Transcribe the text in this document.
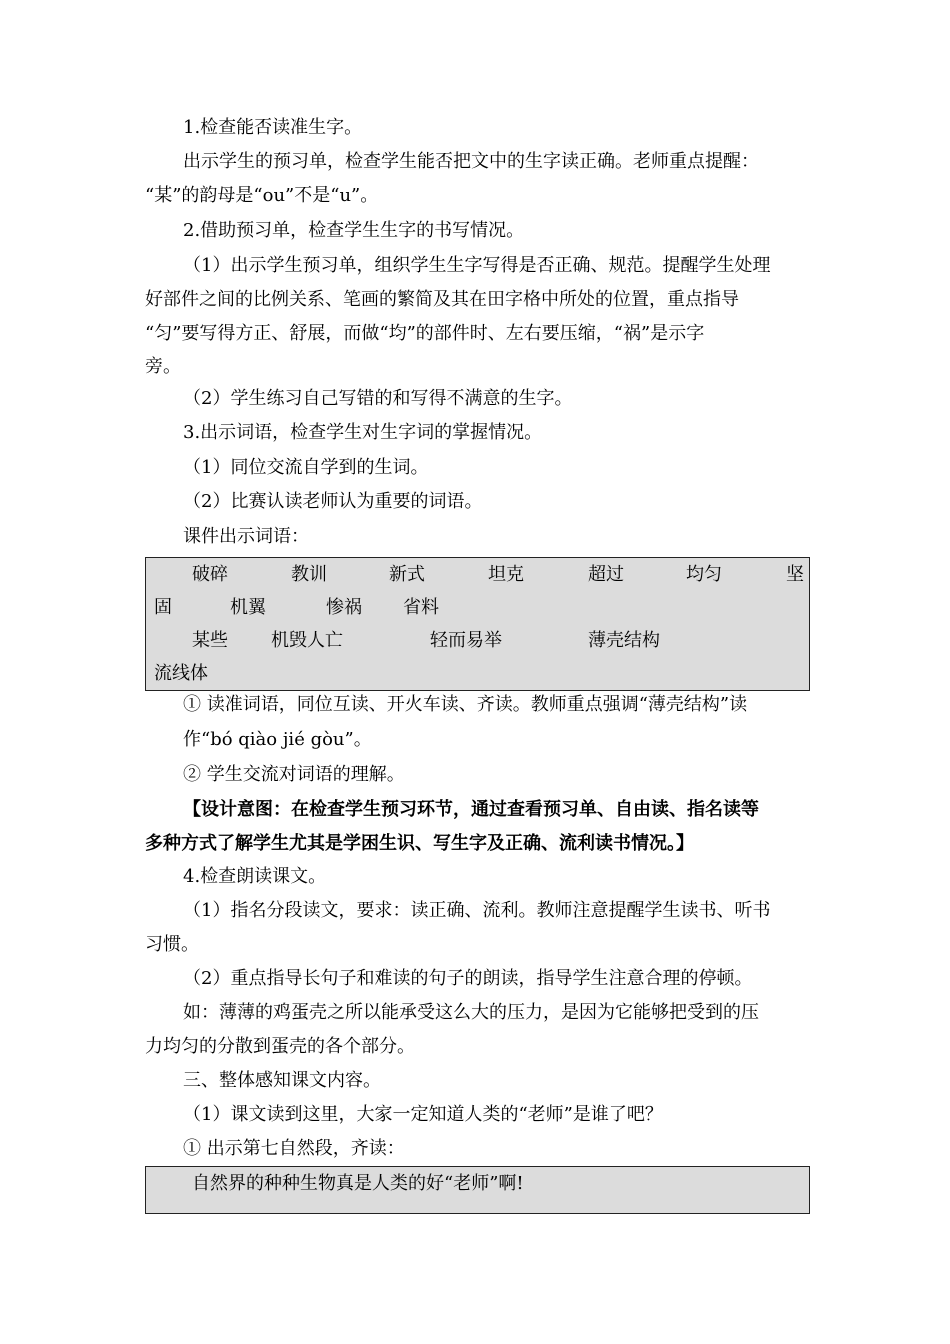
1.检查能否读准生字。
出示学生的预习单，检查学生能否把文中的生字读正确。老师重点提醒：
“某”的韵母是“ou”不是“u”。
2.借助预习单，检查学生生字的书写情况。
（1）出示学生预习单，组织学生生字写得是否正确、规范。提醒学生处理
好部件之间的比例关系、笔画的繁简及其在田字格中所处的位置，重点指导
“匀”要写得方正、舒展，而做“均”的部件时、左右要压缩，“祸”是示字
旁。
（2）学生练习自己写错的和写得不满意的生字。
3.出示词语，检查学生对生字词的掌握情况。
（1）同位交流自学到的生词。
（2）比赛认读老师认为重要的词语。
课件出示词语：
破碎	教训	新式	坦克	超过	均匀	坚
固	机翼	惨祸 省料
某些 机毁人亡	轻而易举	薄壳结构
流线体
① 读准词语，同位互读、开火车读、齐读。教师重点强调“薄壳结构”读
作“bó qiào jié gòu”。
② 学生交流对词语的理解。
【设计意图：在检查学生预习环节，通过查看预习单、自由读、指名读等
多种方式了解学生尤其是学困生识、写生字及正确、流利读书情况。】
4.检查朗读课文。
（1）指名分段读文，要求：读正确、流利。教师注意提醒学生读书、听书
习惯。
（2）重点指导长句子和难读的句子的朗读，指导学生注意合理的停顿。
如：薄薄的鸡蛋壳之所以能承受这么大的压力，是因为它能够把受到的压
力均匀的分散到蛋壳的各个部分。
三、整体感知课文内容。
（1）课文读到这里，大家一定知道人类的“老师”是谁了吧？
① 出示第七自然段，齐读：
自然界的种种生物真是人类的好“老师”啊!
